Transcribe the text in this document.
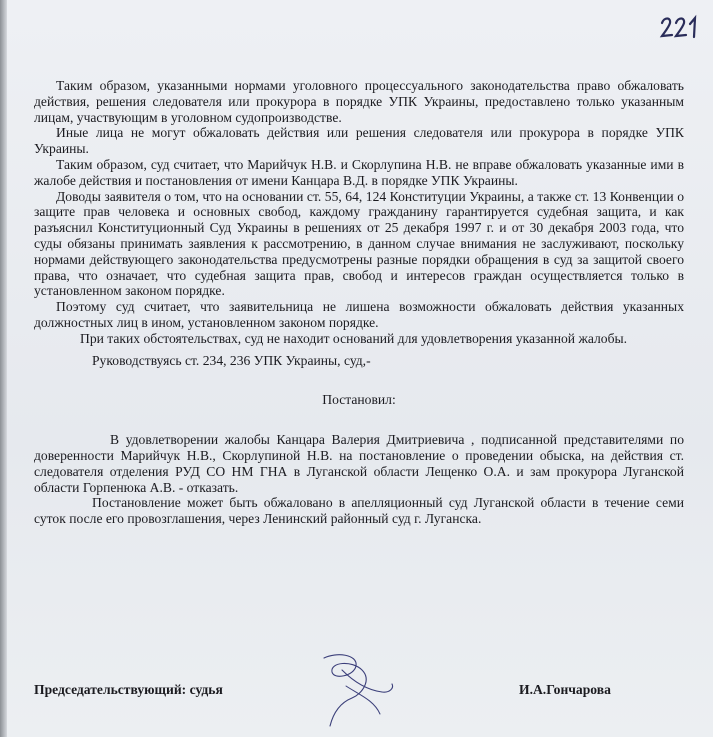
Таким образом, указанными нормами уголовного процессуального законодательства право обжаловать действия, решения следователя или прокурора в порядке УПК Украины, предоставлено только указанным лицам, участвующим в уголовном судопроизводстве.

Иные лица не могут обжаловать действия или решения следователя или прокурора в порядке УПК Украины.

Таким образом, суд считает, что Марийчук Н.В. и Скорлупина Н.В. не вправе обжаловать указанные ими в жалобе действия и постановления от имени Канцара В.Д. в порядке УПК Украины.

Доводы заявителя о том, что на основании ст. 55, 64, 124 Конституции Украины, а также ст. 13 Конвенции о защите прав человека и основных свобод, каждому гражданину гарантируется судебная защита, и как разъяснил Конституционный Суд Украины в решениях от 25 декабря 1997 г. и от 30 декабря 2003 года, что суды обязаны принимать заявления к рассмотрению, в данном случае внимания не заслуживают, поскольку нормами действующего законодательства предусмотрены разные порядки обращения в суд за защитой своего права, что означает, что судебная защита прав, свобод и интересов граждан осуществляется только в установленном законом порядке.

Поэтому суд считает, что заявительница не лишена возможности обжаловать действия указанных должностных лиц в ином, установленном законом порядке.

При таких обстоятельствах, суд не находит оснований для удовлетворения указанной жалобы.

Руководствуясь ст. 234, 236 УПК Украины, суд,-

Постановил:

В удовлетворении жалобы Канцара Валерия Дмитриевича , подписанной представителями по доверенности Марийчук Н.В., Скорлупиной Н.В. на постановление о проведении обыска, на действия ст. следователя отделения РУД СО НМ ГНА в Луганской области Лещенко О.А. и зам прокурора Луганской области Горпенюка А.В. - отказать.

Постановление может быть обжаловано в апелляционный суд Луганской области в течение семи суток после его провозглашения, через Ленинский районный суд г. Луганска.

Председательствующий: судья	И.А.Гончарова
